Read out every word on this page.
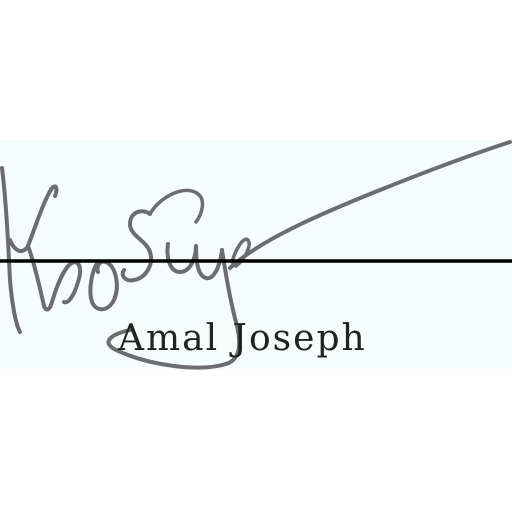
Amal Joseph
